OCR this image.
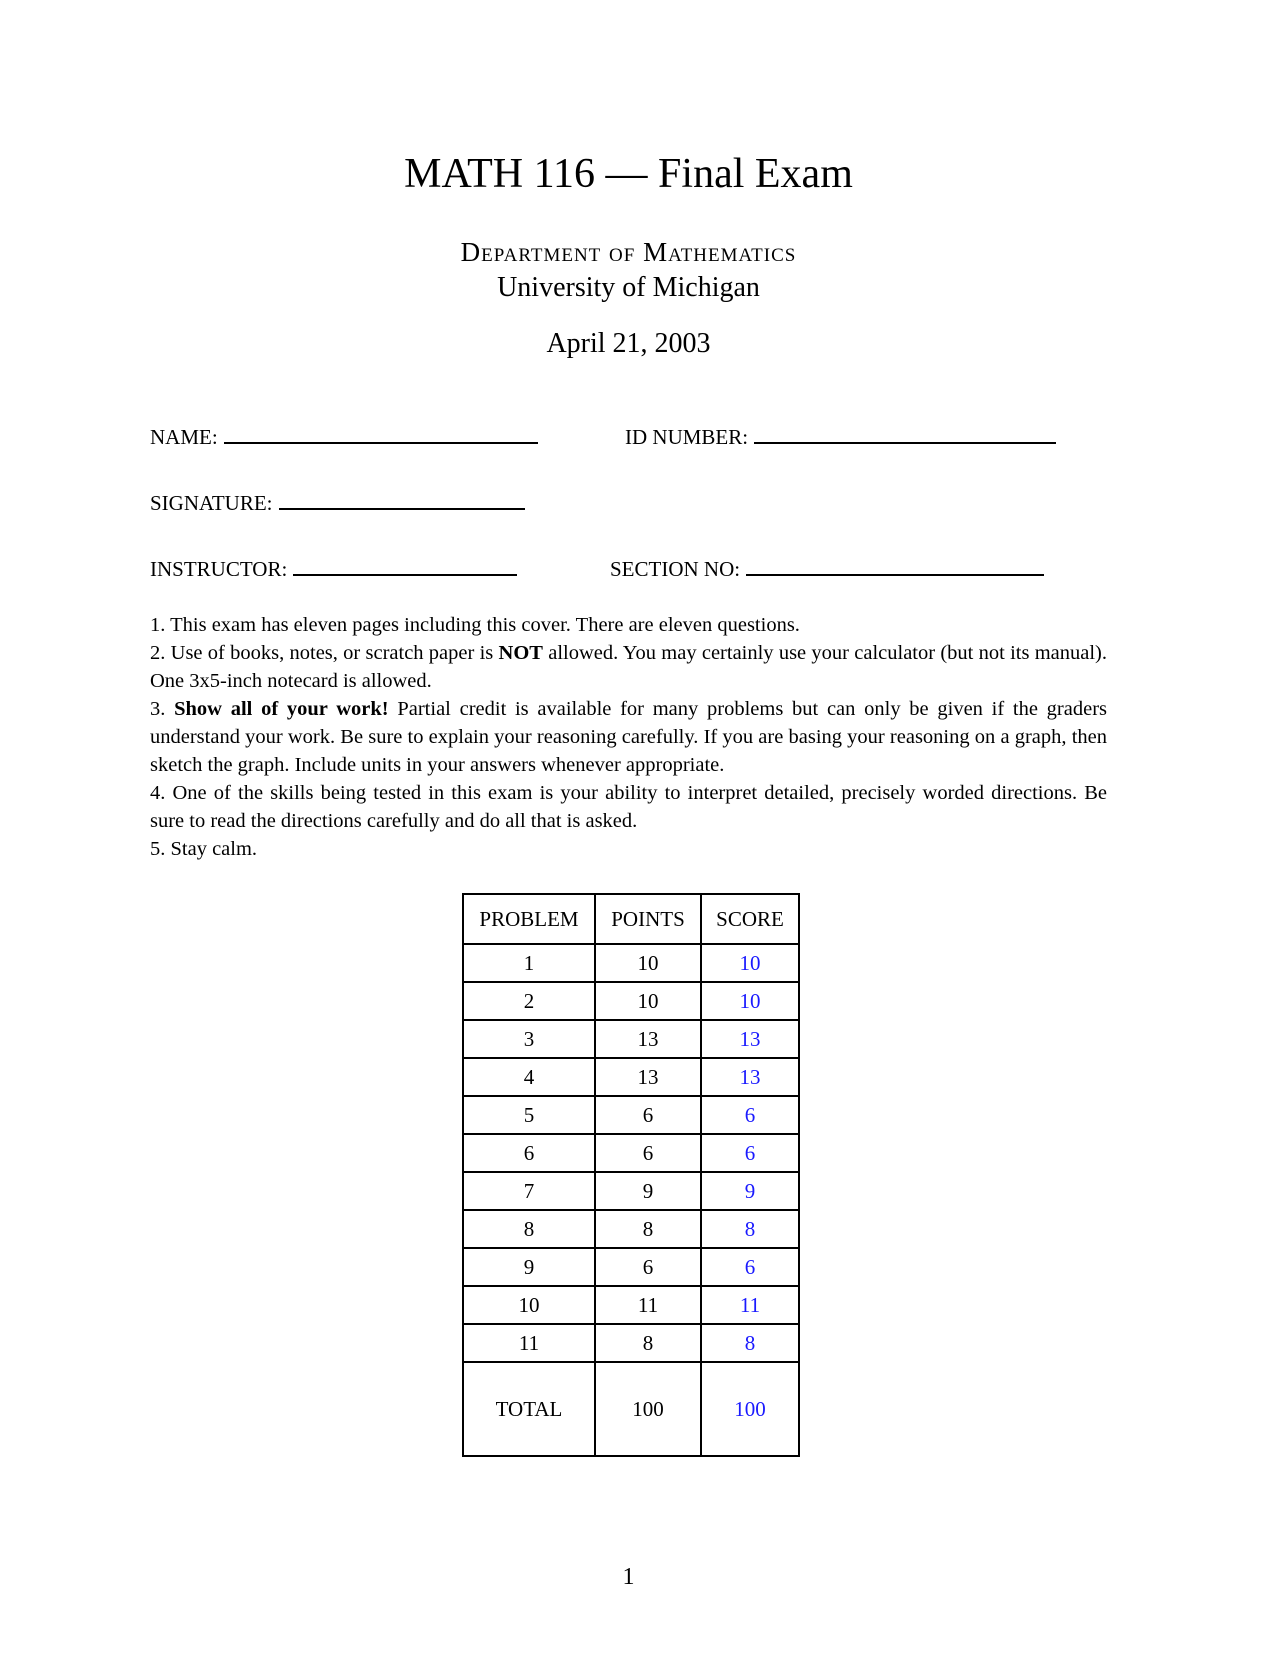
MATH 116 — Final Exam
Department of Mathematics
University of Michigan
April 21, 2003
NAME:	ID NUMBER:
SIGNATURE:
INSTRUCTOR:	SECTION NO:

1. This exam has eleven pages including this cover. There are eleven questions.

2. Use of books, notes, or scratch paper is NOT allowed. You may certainly use your calculator (but not its manual). One 3x5-inch notecard is allowed.

3. Show all of your work! Partial credit is available for many problems but can only be given if the graders understand your work. Be sure to explain your reasoning carefully. If you are basing your reasoning on a graph, then sketch the graph. Include units in your answers whenever appropriate.

4. One of the skills being tested in this exam is your ability to interpret detailed, precisely worded directions. Be sure to read the directions carefully and do all that is asked.

5. Stay calm.

PROBLEM	POINTS	SCORE
1	10	10
2	10	10
3	13	13
4	13	13
5	6	6
6	6	6
7	9	9
8	8	8
9	6	6
10	11	11
11	8	8
TOTAL	100	100
1
